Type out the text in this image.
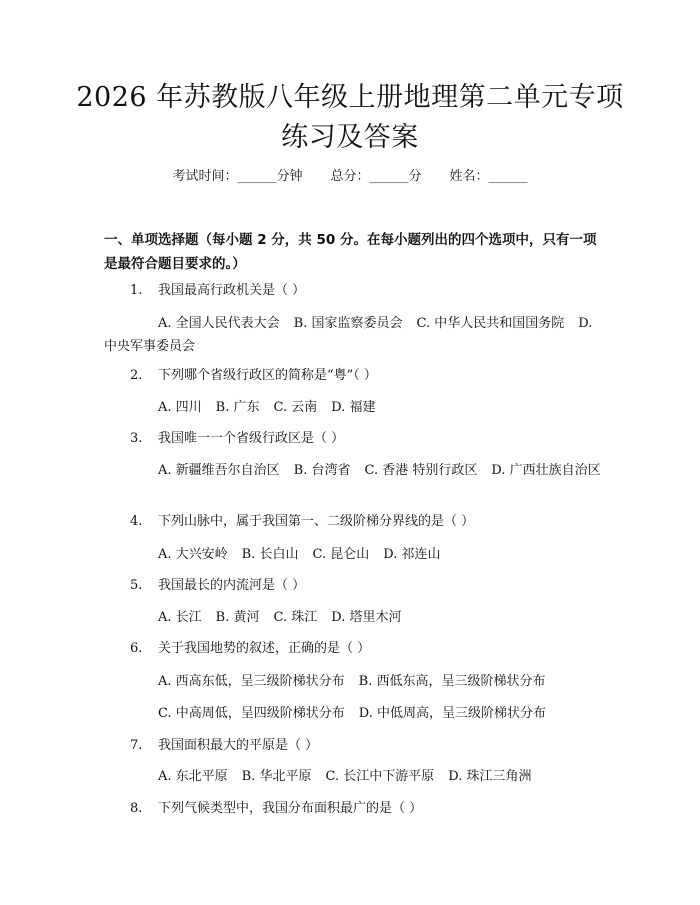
2026 年苏教版八年级上册地理第二单元专项
练习及答案
考试时间：______分钟 总分：______分 姓名：______
一、单项选择题（每小题 2 分，共 50 分。在每小题列出的四个选项中，只有一项是最符合题目要求的。）
1. 我国最高行政机关是（ ）
A. 全国人民代表大会 B. 国家监察委员会 C. 中华人民共和国国务院 D. 中央军事委员会
2. 下列哪个省级行政区的简称是“粤”（ ）
A. 四川 B. 广东 C. 云南 D. 福建
3. 我国唯一一个省级行政区是（ ）
A. 新疆维吾尔自治区 B. 台湾省 C. 香港 特别行政区 D. 广西壮族自治区
4. 下列山脉中，属于我国第一、二级阶梯分界线的是（ ）
A. 大兴安岭 B. 长白山 C. 昆仑山 D. 祁连山
5. 我国最长的内流河是（ ）
A. 长江 B. 黄河 C. 珠江 D. 塔里木河
6. 关于我国地势的叙述，正确的是（ ）
A. 西高东低，呈三级阶梯状分布 B. 西低东高，呈三级阶梯状分布
C. 中高周低，呈四级阶梯状分布 D. 中低周高，呈三级阶梯状分布
7. 我国面积最大的平原是（ ）
A. 东北平原 B. 华北平原 C. 长江中下游平原 D. 珠江三角洲
8. 下列气候类型中，我国分布面积最广的是（ ）
